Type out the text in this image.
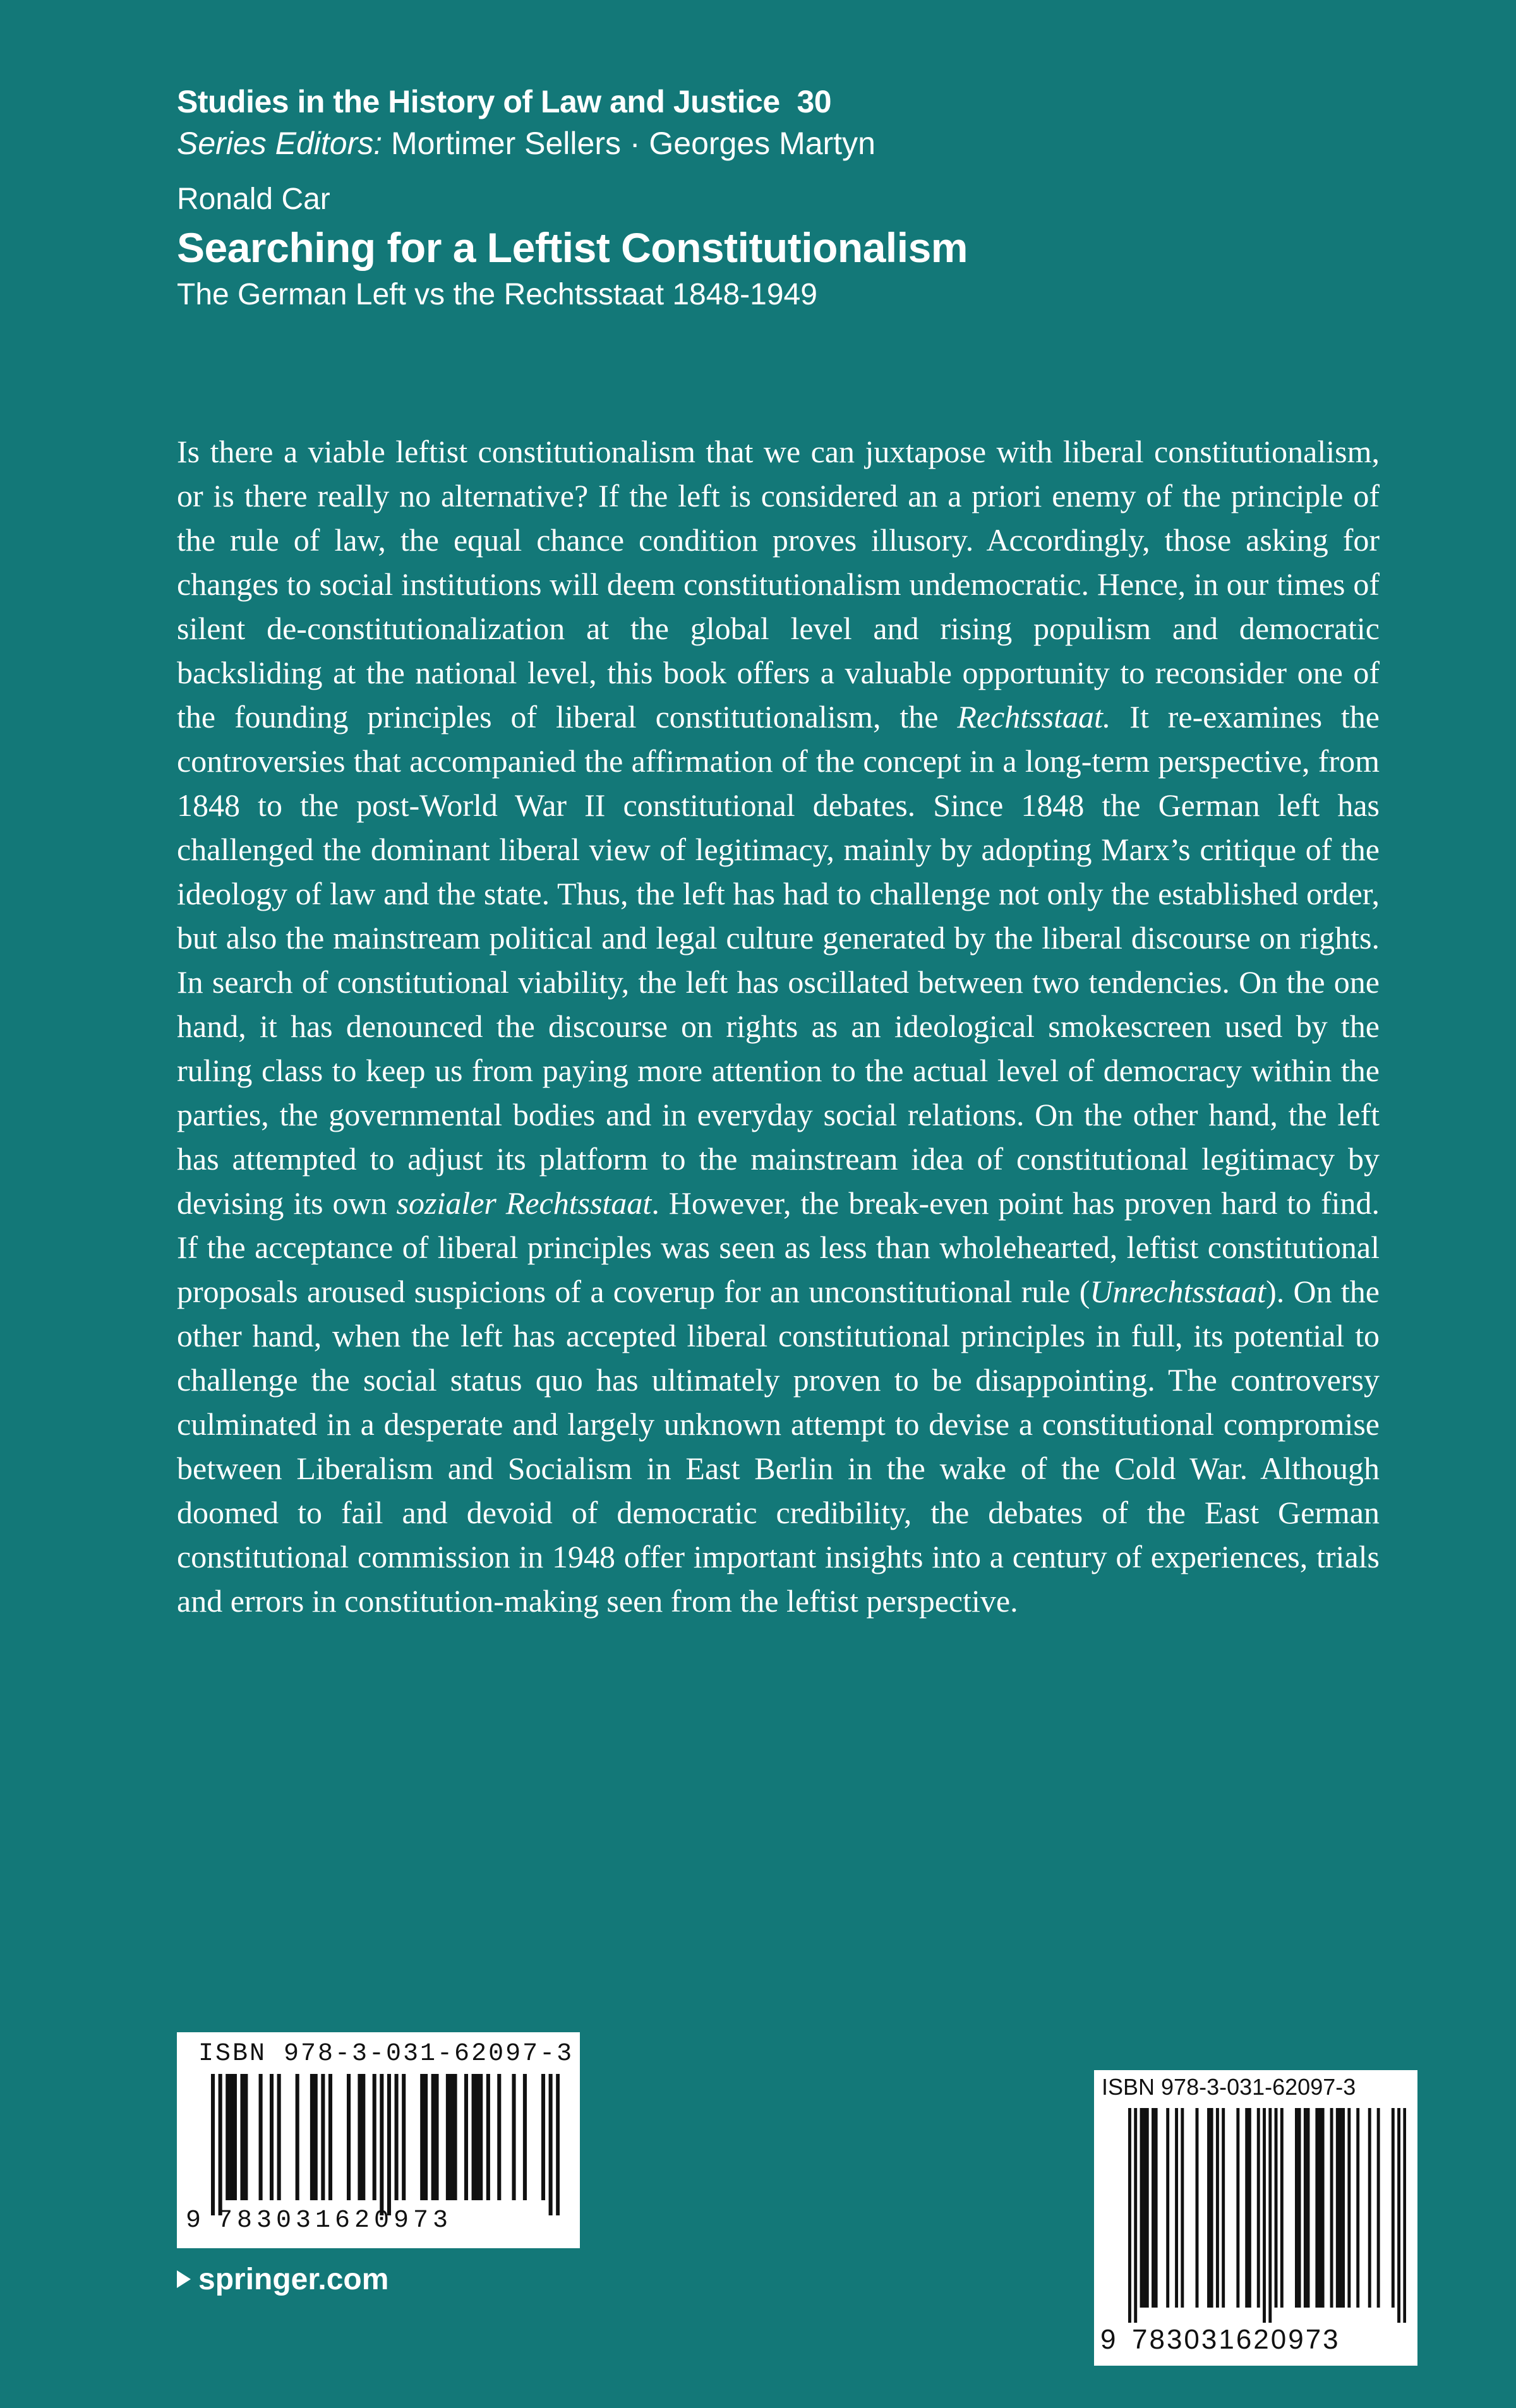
Studies in the History of Law and Justice 30
Series Editors: Mortimer Sellers · Georges Martyn
Ronald Car
Searching for a Leftist Constitutionalism
The German Left vs the Rechtsstaat 1848-1949
Is there a viable leftist constitutionalism that we can juxtapose with liberal constitutionalism, or is there really no alternative? If the left is considered an a priori enemy of the principle of the rule of law, the equal chance condition proves illusory. Accordingly, those asking for changes to social institutions will deem constitutionalism undemocratic. Hence, in our times of silent de-constitutionalization at the global level and rising populism and democratic backsliding at the national level, this book offers a valuable opportunity to reconsider one of the founding principles of liberal constitutionalism, the Rechtsstaat. It re-examines the controversies that accompanied the affirmation of the concept in a long-term perspective, from 1848 to the post-World War II constitutional debates. Since 1848 the German left has challenged the dominant liberal view of legitimacy, mainly by adopting Marx’s critique of the ideology of law and the state. Thus, the left has had to challenge not only the established order, but also the mainstream political and legal culture generated by the liberal discourse on rights. In search of constitutional viability, the left has oscillated between two tendencies. On the one hand, it has denounced the discourse on rights as an ideological smokescreen used by the ruling class to keep us from paying more attention to the actual level of democracy within the parties, the governmental bodies and in everyday social relations. On the other hand, the left has attempted to adjust its platform to the mainstream idea of constitutional legitimacy by devising its own sozialer Rechtsstaat. However, the break-even point has proven hard to find. If the acceptance of liberal principles was seen as less than wholehearted, leftist constitutional proposals aroused suspicions of a coverup for an unconstitutional rule (Unrechtsstaat). On the other hand, when the left has accepted liberal constitutional principles in full, its potential to challenge the social status quo has ultimately proven to be disappointing. The controversy culminated in a desperate and largely unknown attempt to devise a constitutional compromise between Liberalism and Socialism in East Berlin in the wake of the Cold War. Although doomed to fail and devoid of democratic credibility, the debates of the East German constitutional commission in 1948 offer important insights into a century of experiences, trials and errors in constitution-making seen from the leftist perspective.
ISBN 978-3-031-62097-3
9 783031620973
springer.com
ISBN 978-3-031-62097-3
9 783031620973
